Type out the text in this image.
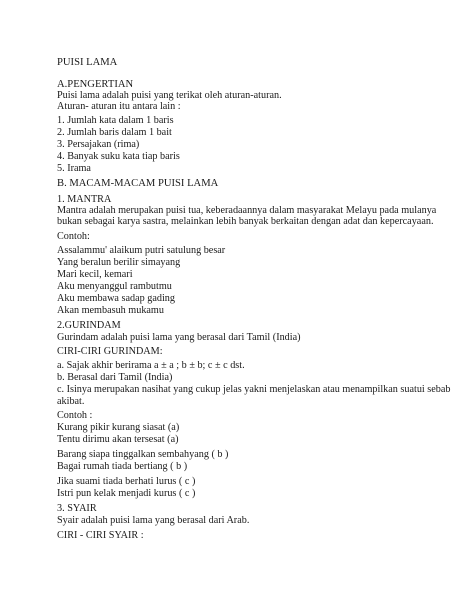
PUISI LAMA
A.PENGERTIAN
Puisi lama adalah puisi yang terikat oleh aturan-aturan.
Aturan- aturan itu antara lain :
1. Jumlah kata dalam 1 baris
2. Jumlah baris dalam 1 bait
3. Persajakan (rima)
4. Banyak suku kata tiap baris
5. Irama
B. MACAM-MACAM PUISI LAMA
1. MANTRA
Mantra adalah merupakan puisi tua, keberadaannya dalam masyarakat Melayu pada mulanya
bukan sebagai karya sastra, melainkan lebih banyak berkaitan dengan adat dan kepercayaan.
Contoh:
Assalammu' alaikum putri satulung besar
Yang beralun berilir simayang
Mari kecil, kemari
Aku menyanggul rambutmu
Aku membawa sadap gading
Akan membasuh mukamu
2.GURINDAM
Gurindam adalah puisi lama yang berasal dari Tamil (India)
CIRI-CIRI GURINDAM:
a. Sajak akhir berirama a ± a ; b ± b; c ± c dst.
b. Berasal dari Tamil (India)
c. Isinya merupakan nasihat yang cukup jelas yakni menjelaskan atau menampilkan suatui sebab
akibat.
Contoh :
Kurang pikir kurang siasat (a)
Tentu dirimu akan tersesat (a)
Barang siapa tinggalkan sembahyang ( b )
Bagai rumah tiada bertiang ( b )
Jika suami tiada berhati lurus ( c )
Istri pun kelak menjadi kurus ( c )
3. SYAIR
Syair adalah puisi lama yang berasal dari Arab.
CIRI - CIRI SYAIR :
